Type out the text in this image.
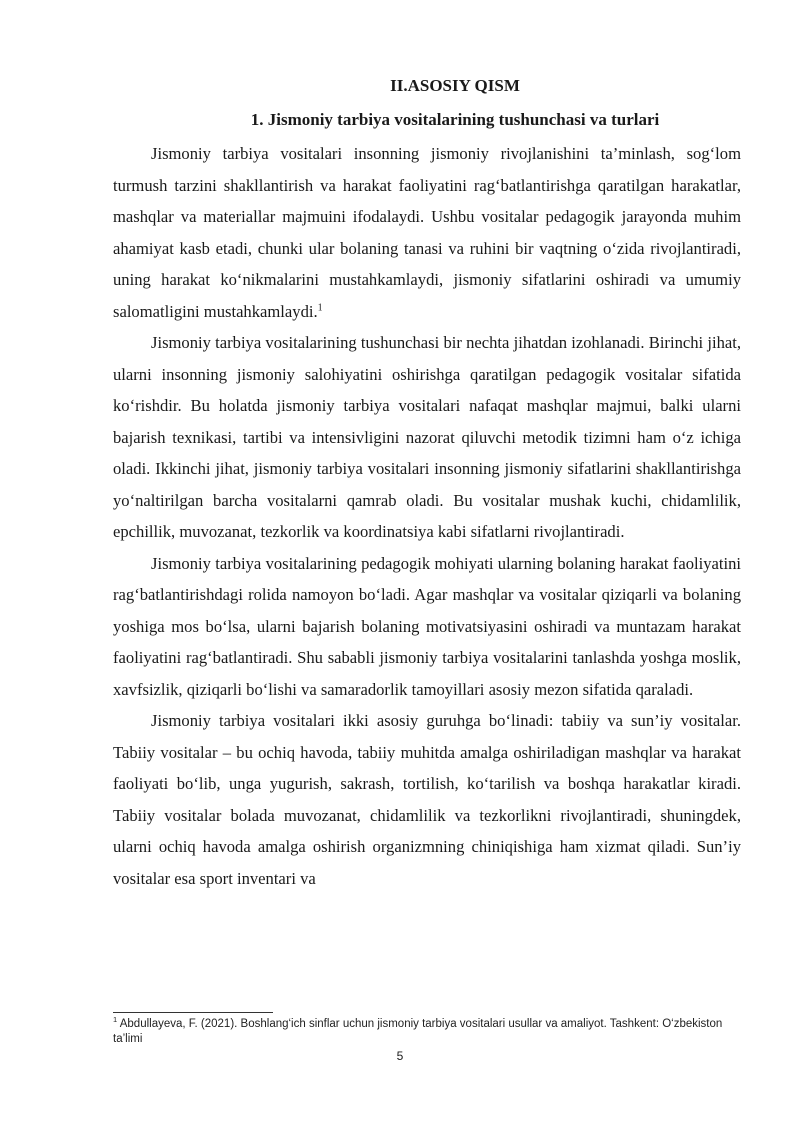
II.ASOSIY QISM
1. Jismoniy tarbiya vositalarining tushunchasi va turlari

Jismoniy tarbiya vositalari insonning jismoniy rivojlanishini ta’minlash, sog‘lom turmush tarzini shakllantirish va harakat faoliyatini rag‘batlantirishga qaratilgan harakatlar, mashqlar va materiallar majmuini ifodalaydi. Ushbu vositalar pedagogik jarayonda muhim ahamiyat kasb etadi, chunki ular bolaning tanasi va ruhini bir vaqtning o‘zida rivojlantiradi, uning harakat ko‘nikmalarini mustahkamlaydi, jismoniy sifatlarini oshiradi va umumiy salomatligini mustahkamlaydi.$^1$

Jismoniy tarbiya vositalarining tushunchasi bir nechta jihatdan izohlanadi. Birinchi jihat, ularni insonning jismoniy salohiyatini oshirishga qaratilgan pedagogik vositalar sifatida ko‘rishdir. Bu holatda jismoniy tarbiya vositalari nafaqat mashqlar majmui, balki ularni bajarish texnikasi, tartibi va intensivligini nazorat qiluvchi metodik tizimni ham o‘z ichiga oladi. Ikkinchi jihat, jismoniy tarbiya vositalari insonning jismoniy sifatlarini shakllantirishga yo‘naltirilgan barcha vositalarni qamrab oladi. Bu vositalar mushak kuchi, chidamlilik, epchillik, muvozanat, tezkorlik va koordinatsiya kabi sifatlarni rivojlantiradi.

Jismoniy tarbiya vositalarining pedagogik mohiyati ularning bolaning harakat faoliyatini rag‘batlantirishdagi rolida namoyon bo‘ladi. Agar mashqlar va vositalar qiziqarli va bolaning yoshiga mos bo‘lsa, ularni bajarish bolaning motivatsiyasini oshiradi va muntazam harakat faoliyatini rag‘batlantiradi. Shu sababli jismoniy tarbiya vositalarini tanlashda yoshga moslik, xavfsizlik, qiziqarli bo‘lishi va samaradorlik tamoyillari asosiy mezon sifatida qaraladi.

Jismoniy tarbiya vositalari ikki asosiy guruhga bo‘linadi: tabiiy va sun’iy vositalar. Tabiiy vositalar – bu ochiq havoda, tabiiy muhitda amalga oshiriladigan mashqlar va harakat faoliyati bo‘lib, unga yugurish, sakrash, tortilish, ko‘tarilish va boshqa harakatlar kiradi. Tabiiy vositalar bolada muvozanat, chidamlilik va tezkorlikni rivojlantiradi, shuningdek, ularni ochiq havoda amalga oshirish organizmning chiniqishiga ham xizmat qiladi. Sun’iy vositalar esa sport inventari va

$^1$ Abdullayeva, F. (2021). Boshlang‘ich sinflar uchun jismoniy tarbiya vositalari usullar va amaliyot. Tashkent: O‘zbekiston ta’limi
5
